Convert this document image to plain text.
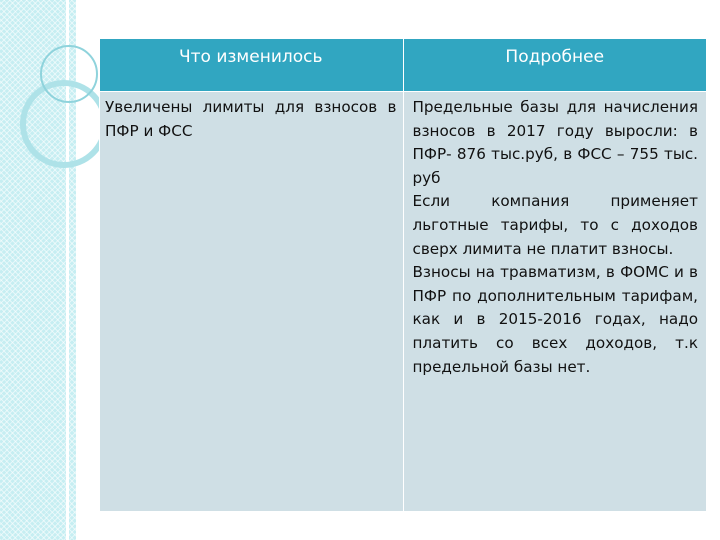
Что изменилось	Подробнее
Увеличены лимиты для взносов в ПФР и ФСС	Предельные базы для начисления взносов в 2017 году выросли: в ПФР- 876 тыс.руб, в ФСС – 755 тыс. руб
Если компания применяет льготные тарифы, то с доходов сверх лимита не платит взносы.
Взносы на травматизм, в ФОМС и в ПФР по дополнительным тарифам, как и в 2015-2016 годах, надо платить со всех доходов, т.к предельной базы нет.
